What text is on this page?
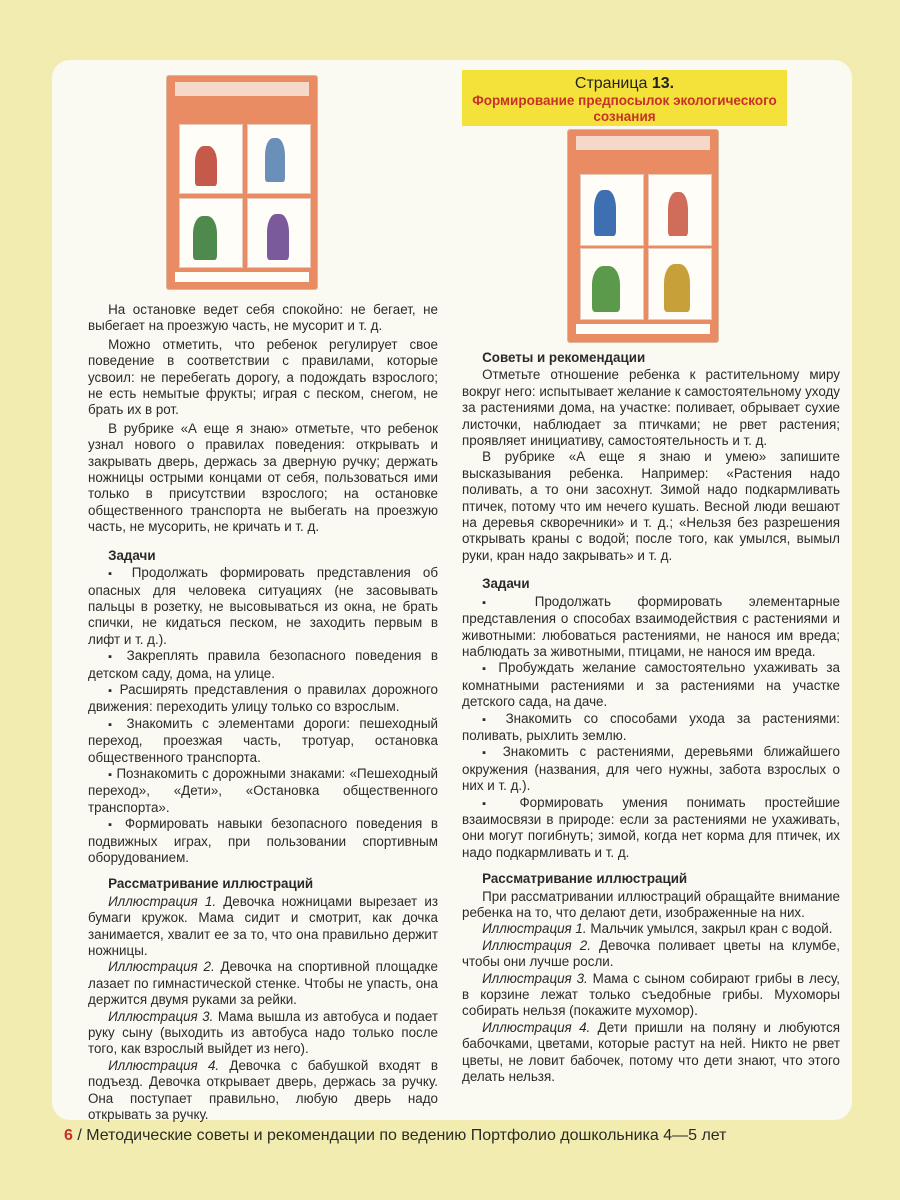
Страница 13.
Формирование предпосылок экологического сознания

На остановке ведет себя спокойно: не бегает, не выбегает на проезжую часть, не мусорит и т. д.

Можно отметить, что ребенок регулирует свое поведение в соответствии с правилами, которые усвоил: не перебегать дорогу, а подождать взрослого; не есть немытые фрукты; играя с песком, снегом, не брать их в рот.

В рубрике «А еще я знаю» отметьте, что ребенок узнал нового о правилах поведения: открывать и закрывать дверь, держась за дверную ручку; держать ножницы острыми концами от себя, пользоваться ими только в присутствии взрослого; на остановке общественного транспорта не выбегать на проезжую часть, не мусорить, не кричать и т. д.

Задачи

▪ Продолжать формировать представления об опасных для человека ситуациях (не засовывать пальцы в розетку, не высовываться из окна, не брать спички, не кидаться песком, не заходить первым в лифт и т. д.).

▪ Закреплять правила безопасного поведения в детском саду, дома, на улице.

▪ Расширять представления о правилах дорожного движения: переходить улицу только со взрослым.

▪ Знакомить с элементами дороги: пешеходный переход, проезжая часть, тротуар, остановка общественного транспорта.

▪ Познакомить с дорожными знаками: «Пешеходный переход», «Дети», «Остановка общественного транспорта».

▪ Формировать навыки безопасного поведения в подвижных играх, при пользовании спортивным оборудованием.

Рассматривание иллюстраций

Иллюстрация 1. Девочка ножницами вырезает из бумаги кружок. Мама сидит и смотрит, как дочка занимается, хвалит ее за то, что она правильно держит ножницы.

Иллюстрация 2. Девочка на спортивной площадке лазает по гимнастической стенке. Чтобы не упасть, она держится двумя руками за рейки.

Иллюстрация 3. Мама вышла из автобуса и подает руку сыну (выходить из автобуса надо только после того, как взрослый выйдет из него).

Иллюстрация 4. Девочка с бабушкой входят в подъезд. Девочка открывает дверь, держась за ручку. Она поступает правильно, любую дверь надо открывать за ручку.

Советы и рекомендации

Отметьте отношение ребенка к растительному миру вокруг него: испытывает желание к самостоятельному уходу за растениями дома, на участке: поливает, обрывает сухие листочки, наблюдает за птичками; не рвет растения; проявляет инициативу, самостоятельность и т. д.

В рубрике «А еще я знаю и умею» запишите высказывания ребенка. Например: «Растения надо поливать, а то они засохнут. Зимой надо подкармливать птичек, потому что им нечего кушать. Весной люди вешают на деревья скворечники» и т. д.; «Нельзя без разрешения открывать краны с водой; после того, как умылся, вымыл руки, кран надо закрывать» и т. д.

Задачи

▪ Продолжать формировать элементарные представления о способах взаимодействия с растениями и животными: любоваться растениями, не нанося им вреда; наблюдать за животными, птицами, не нанося им вреда.

▪ Пробуждать желание самостоятельно ухаживать за комнатными растениями и за растениями на участке детского сада, на даче.

▪ Знакомить со способами ухода за растениями: поливать, рыхлить землю.

▪ Знакомить с растениями, деревьями ближайшего окружения (названия, для чего нужны, забота взрослых о них и т. д.).

▪ Формировать умения понимать простейшие взаимосвязи в природе: если за растениями не ухаживать, они могут погибнуть; зимой, когда нет корма для птичек, их надо подкармливать и т. д.

Рассматривание иллюстраций

При рассматривании иллюстраций обращайте внимание ребенка на то, что делают дети, изображенные на них.

Иллюстрация 1. Мальчик умылся, закрыл кран с водой.

Иллюстрация 2. Девочка поливает цветы на клумбе, чтобы они лучше росли.

Иллюстрация 3. Мама с сыном собирают грибы в лесу, в корзине лежат только съедобные грибы. Мухоморы собирать нельзя (покажите мухомор).

Иллюстрация 4. Дети пришли на поляну и любуются бабочками, цветами, которые растут на ней. Никто не рвет цветы, не ловит бабочек, потому что дети знают, что этого делать нельзя.

6 / Методические советы и рекомендации по ведению Портфолио дошкольника 4—5 лет
